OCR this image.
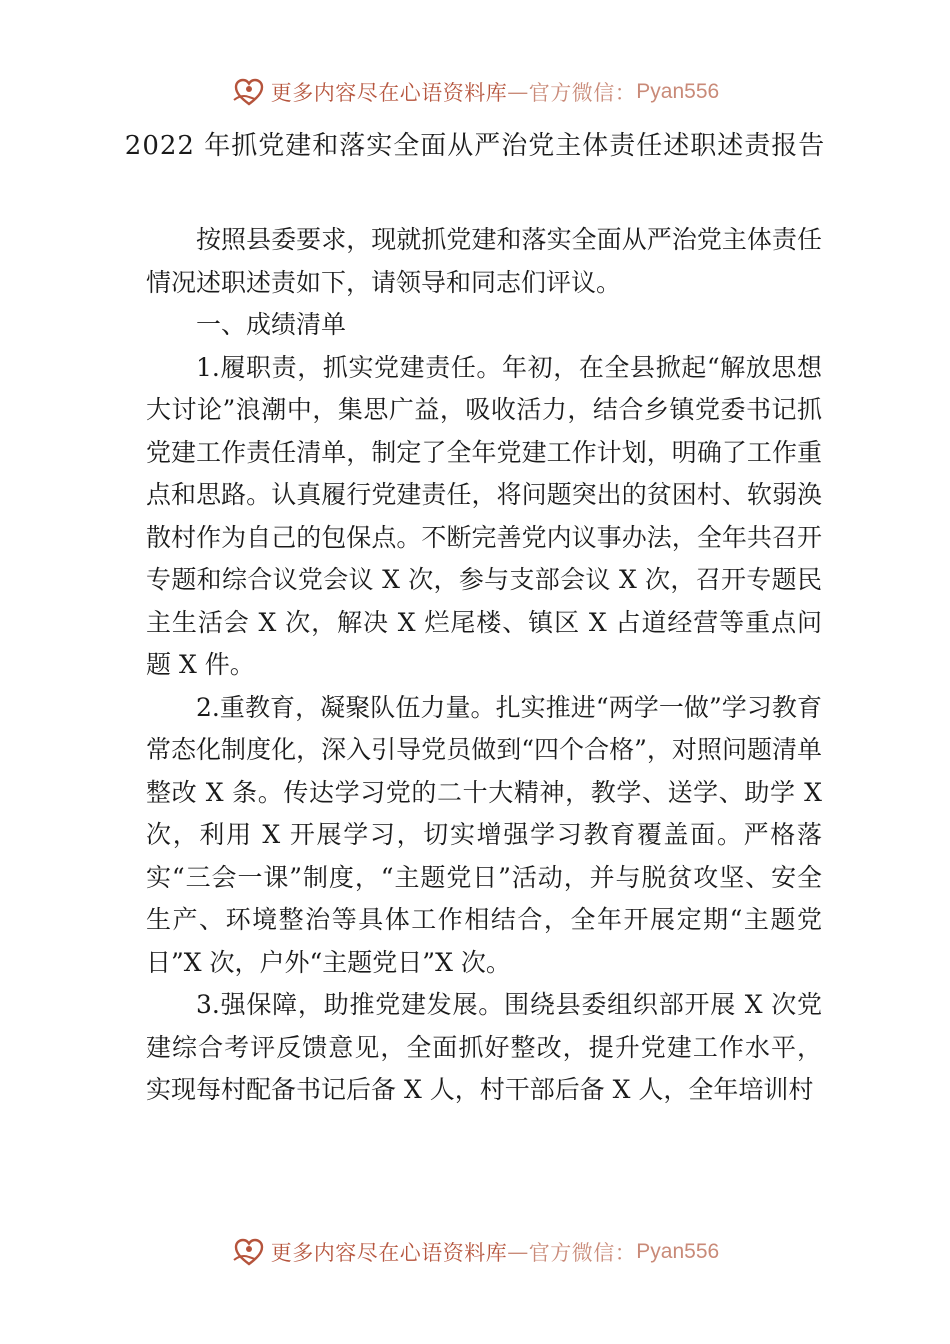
更多内容尽在心语资料库 — 官方微信： Pyan556
2022 年抓党建和落实全面从严治党主体责任述职述责报告

按照县委要求，现就抓党建和落实全面从严治党主体责任情况述职述责如下，请领导和同志们评议。

一、成绩清单

1.履职责，抓实党建责任。年初，在全县掀起“解放思想大讨论”浪潮中，集思广益，吸收活力，结合乡镇党委书记抓党建工作责任清单，制定了全年党建工作计划，明确了工作重点和思路。认真履行党建责任，将问题突出的贫困村、软弱涣散村作为自己的包保点。不断完善党内议事办法，全年共召开专题和综合议党会议 X 次，参与支部会议 X 次，召开专题民主生活会 X 次，解决 X 烂尾楼、镇区 X 占道经营等重点问题 X 件。

2.重教育，凝聚队伍力量。扎实推进“两学一做”学习教育常态化制度化，深入引导党员做到“四个合格”，对照问题清单整改 X 条。传达学习党的二十大精神，教学、送学、助学 X 次，利用 X 开展学习，切实增强学习教育覆盖面。严格落实“三会一课”制度，“主题党日”活动，并与脱贫攻坚、安全生产、环境整治等具体工作相结合，全年开展定期“主题党日”X 次，户外“主题党日”X 次。

3.强保障，助推党建发展。围绕县委组织部开展 X 次党建综合考评反馈意见，全面抓好整改，提升党建工作水平， 实现每村配备书记后备 X 人，村干部后备 X 人，全年培训村

更多内容尽在心语资料库 — 官方微信： Pyan556
